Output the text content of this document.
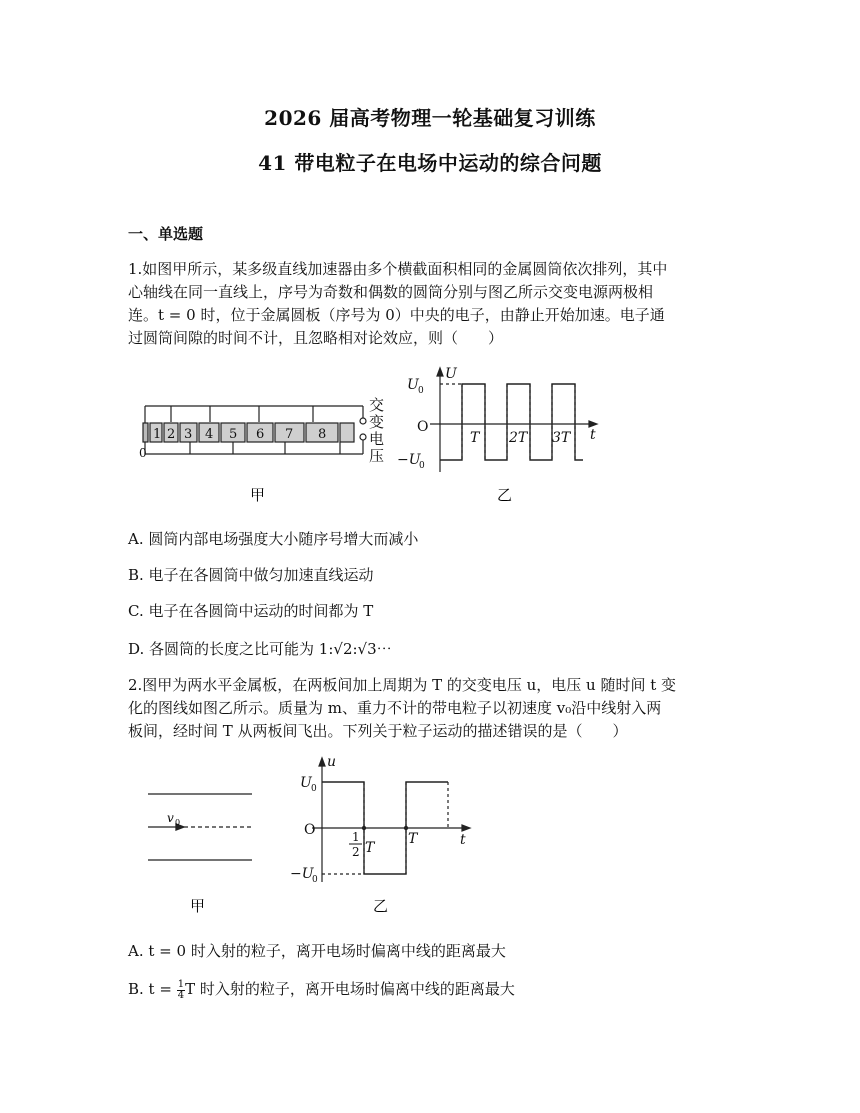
2026 届高考物理一轮基础复习训练
41 带电粒子在电场中运动的综合问题
一、单选题
1.如图甲所示，某多级直线加速器由多个横截面积相同的金属圆筒依次排列，其中
心轴线在同一直线上，序号为奇数和偶数的圆筒分别与图乙所示交变电源两极相
连。t = 0 时，位于金属圆板（序号为 0）中央的电子，由静止开始加速。电子通
过圆筒间隙的时间不计，且忽略相对论效应，则（　　）
1 2 3 4 5 6 7 8
0
交
变
电
压
甲
U
t
O
U 0
−U
0
T 2T 3T
乙
A. 圆筒内部电场强度大小随序号增大而减小
B. 电子在各圆筒中做匀加速直线运动
C. 电子在各圆筒中运动的时间都为 T
D. 各圆筒的长度之比可能为 1:√2:√3⋯
2.图甲为两水平金属板，在两板间加上周期为 T 的交变电压 u，电压 u 随时间 t 变
化的图线如图乙所示。质量为 m、重力不计的带电粒子以初速度 v₀沿中线射入两
板间，经时间 T 从两板间飞出。下列关于粒子运动的描述错误的是（　　）
v 0
甲
u
t
O
U 0
−U
0
1
2 T
T
乙
A. t = 0 时入射的粒子，离开电场时偏离中线的距离最大
B. $t = \frac{1}{4}$ T 时入射的粒子，离开电场时偏离中线的距离最大
